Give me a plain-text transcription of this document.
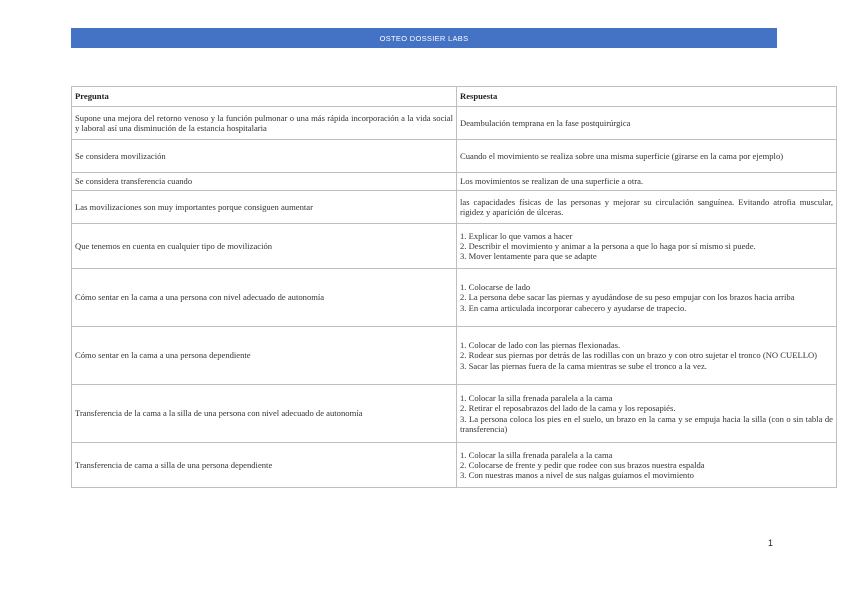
OSTEO DOSSIER LABS
Pregunta	Respuesta
Supone una mejora del retorno venoso y la función pulmonar o una más rápida incorporación a la vida social y laboral así una disminución de la estancia hospitalaria	Deambulación temprana en la fase postquirúrgica
Se considera movilización	Cuando el movimiento se realiza sobre una misma superficie (girarse en la cama por ejemplo)
Se considera transferencia cuando	Los movimientos se realizan de una superficie a otra.
Las movilizaciones son muy importantes porque consiguen aumentar	las capacidades físicas de las personas y mejorar su circulación sanguínea. Evitando atrofia muscular, rigidez y aparición de úlceras.
Que tenemos en cuenta en cualquier tipo de movilización	1. Explicar lo que vamos a hacer
2. Describir el movimiento y animar a la persona a que lo haga por sí mismo si puede.
3. Mover lentamente para que se adapte
Cómo sentar en la cama a una persona con nivel adecuado de autonomía	1. Colocarse de lado
2. La persona debe sacar las piernas y ayudándose de su peso empujar con los brazos hacia arriba
3. En cama articulada incorporar cabecero y ayudarse de trapecio.
Cómo sentar en la cama a una persona dependiente	1. Colocar de lado con las piernas flexionadas.
2. Rodear sus piernas por detrás de las rodillas con un brazo y con otro sujetar el tronco (NO CUELLO)
3. Sacar las piernas fuera de la cama mientras se sube el tronco a la vez.
Transferencia de la cama a la silla de una persona con nivel adecuado de autonomía	1. Colocar la silla frenada paralela a la cama
2. Retirar el reposabrazos del lado de la cama y los reposapiés.
3. La persona coloca los pies en el suelo, un brazo en la cama y se empuja hacia la silla (con o sin tabla de transferencia)
Transferencia de cama a silla de una persona dependiente	1. Colocar la silla frenada paralela a la cama
2. Colocarse de frente y pedir que rodee con sus brazos nuestra espalda
3. Con nuestras manos a nivel de sus nalgas guiamos el movimiento
1
